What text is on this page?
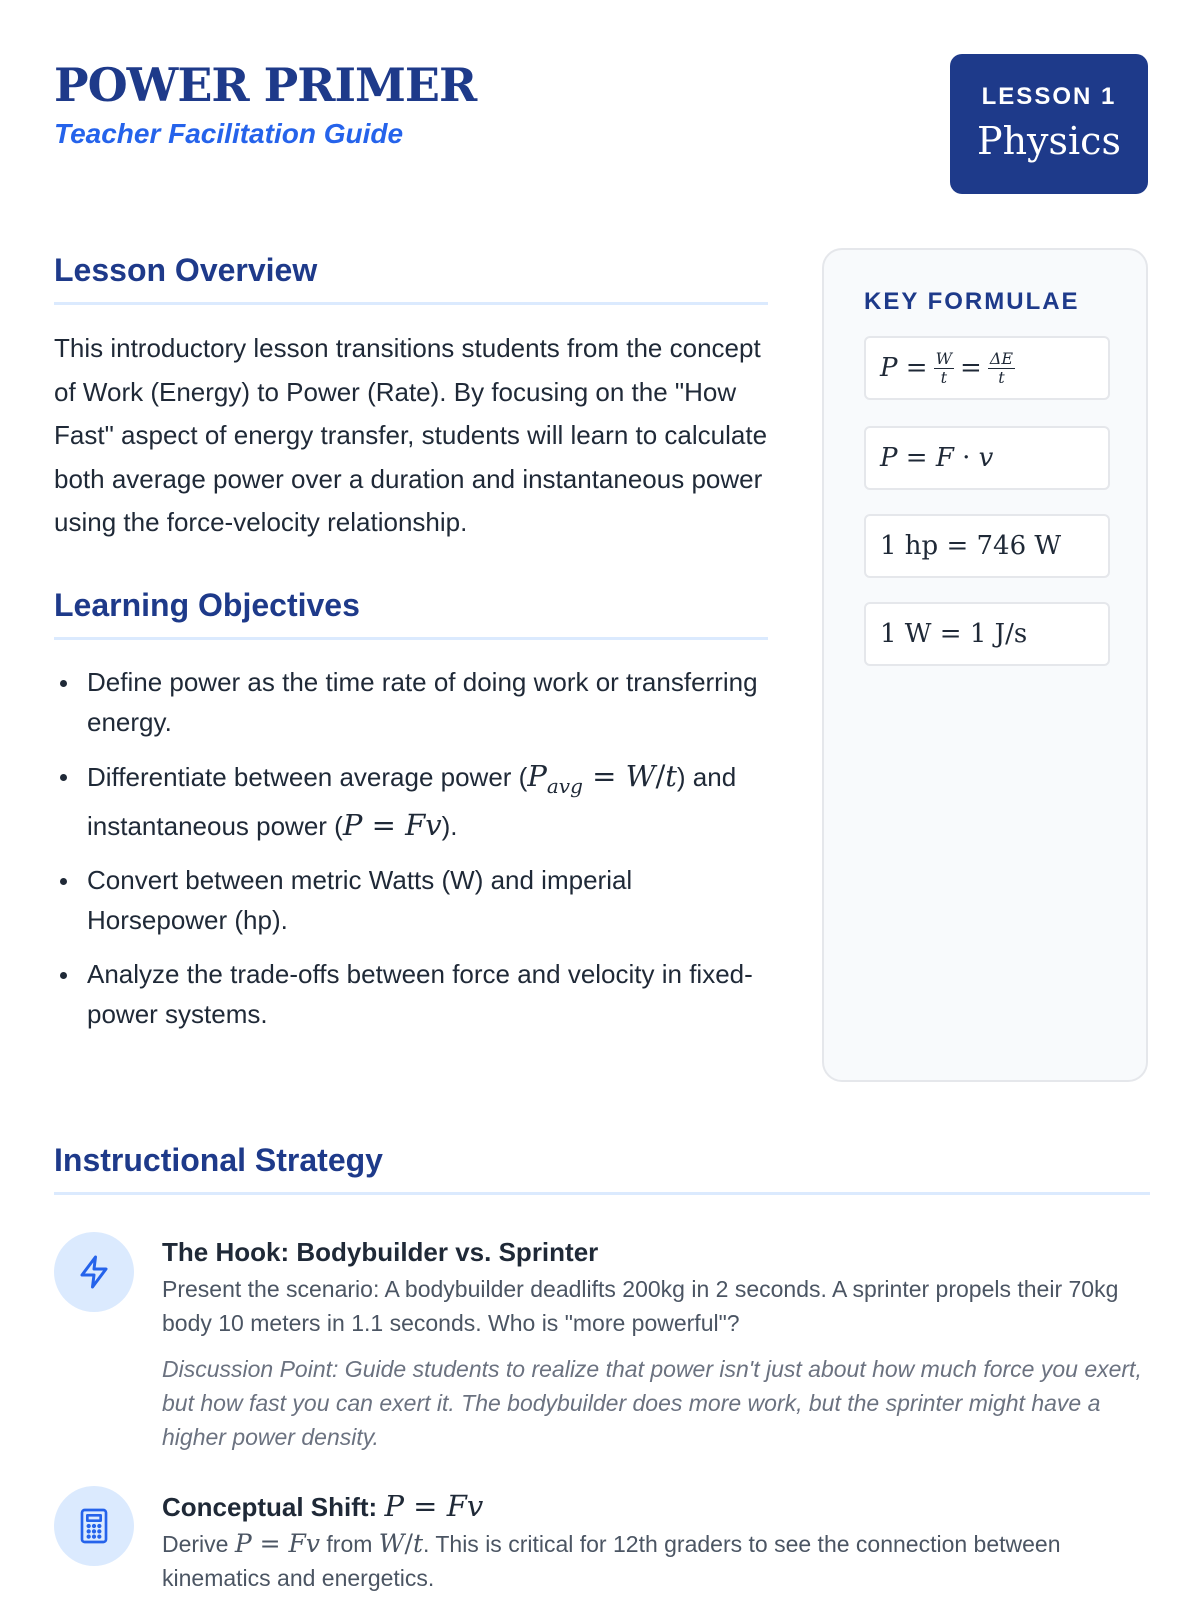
POWER PRIMER
Teacher Facilitation Guide
LESSON 1
Physics
Lesson Overview

This introductory lesson transitions students from the concept of Work (Energy) to Power (Rate). By focusing on the "How Fast" aspect of energy transfer, students will learn to calculate both average power over a duration and instantaneous power using the force-velocity relationship.

Learning Objectives
Define power as the time rate of doing work or transferring energy.
Differentiate between average power $(P_{avg} = W/t)$ and instantaneous power (P = Fv).
Convert between metric Watts (W) and imperial Horsepower (hp).
Analyze the trade-offs between force and velocity in fixed-power systems.
KEY FORMULAE
$P = \frac{W}{t} = \frac{\Delta E}{t}$
P = F · v
1 hp = 746 W
1 W = 1 J/s
Instructional Strategy
The Hook: Bodybuilder vs. Sprinter
Present the scenario: A bodybuilder deadlifts 200kg in 2 seconds. A sprinter propels their 70kg body 10 meters in 1.1 seconds. Who is "more powerful"?
Discussion Point: Guide students to realize that power isn't just about how much force you exert, but how fast you can exert it. The bodybuilder does more work, but the sprinter might have a higher power density.
Conceptual Shift: P = Fv
Derive P = Fv from W/t. This is critical for 12th graders to see the connection between kinematics and energetics.
